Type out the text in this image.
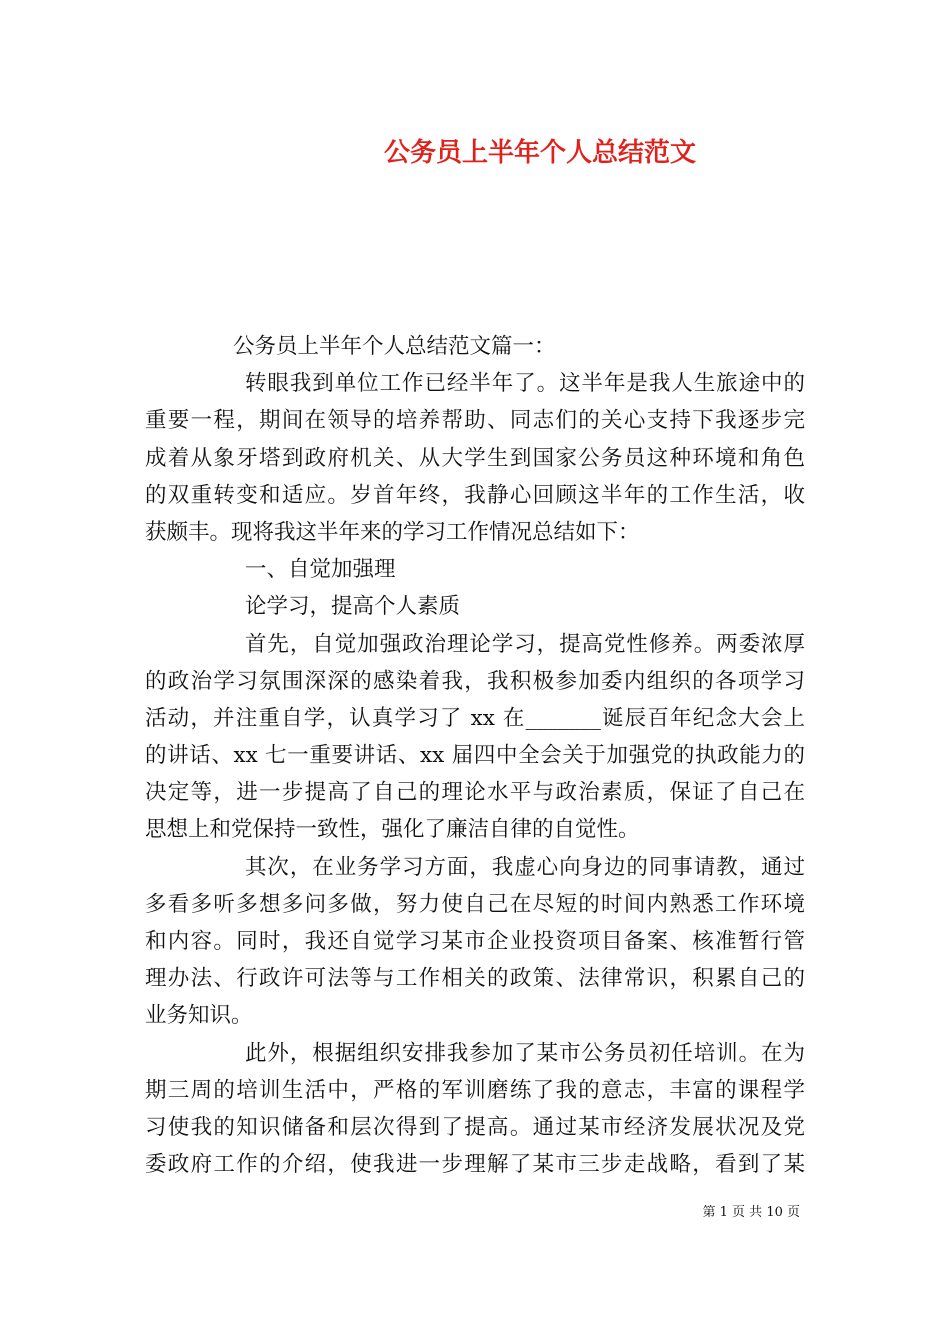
公务员上半年个人总结范文
公务员上半年个人总结范文篇一：
转眼我到单位工作已经半年了。这半年是我人生旅途中的
重要一程，期间在领导的培养帮助、同志们的关心支持下我逐步完
成着从象牙塔到政府机关、从大学生到国家公务员这种环境和角色
的双重转变和适应。岁首年终，我静心回顾这半年的工作生活，收
获颇丰。现将我这半年来的学习工作情况总结如下：
一、自觉加强理
论学习，提高个人素质
首先，自觉加强政治理论学习，提高党性修养。两委浓厚
的政治学习氛围深深的感染着我，我积极参加委内组织的各项学习
活动，并注重自学，认真学习了 xx 在_______诞辰百年纪念大会上
的讲话、xx 七一重要讲话、xx 届四中全会关于加强党的执政能力的
决定等，进一步提高了自己的理论水平与政治素质，保证了自己在
思想上和党保持一致性，强化了廉洁自律的自觉性。
其次，在业务学习方面，我虚心向身边的同事请教，通过
多看多听多想多问多做，努力使自己在尽短的时间内熟悉工作环境
和内容。同时，我还自觉学习某市企业投资项目备案、核准暂行管
理办法、行政许可法等与工作相关的政策、法律常识，积累自己的
业务知识。
此外，根据组织安排我参加了某市公务员初任培训。在为
期三周的培训生活中，严格的军训磨练了我的意志，丰富的课程学
习使我的知识储备和层次得到了提高。通过某市经济发展状况及党
委政府工作的介绍，使我进一步理解了某市三步走战略，看到了某
第 1 页 共 10 页
